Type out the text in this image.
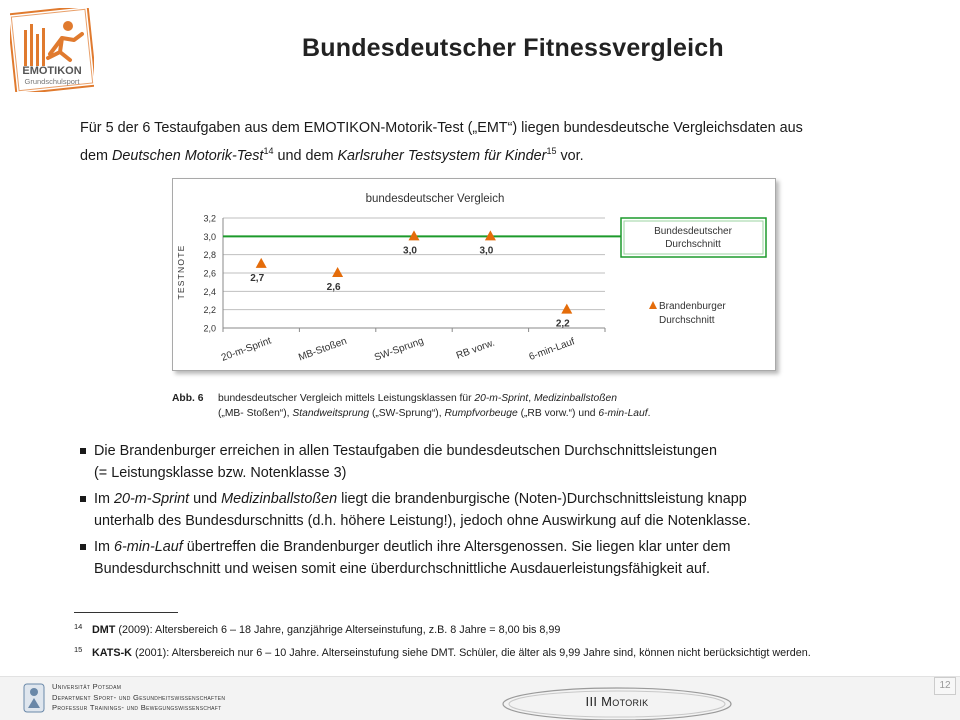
EMOTIKON
Grundschulsport
Bundesdeutscher Fitnessvergleich
Für 5 der 6 Testaufgaben aus dem EMOTIKON-Motorik-Test („EMT“) liegen bundesdeutsche Vergleichsdaten aus
dem Deutschen Motorik-Test$^{14}$ und dem Karlsruher Testsystem für Kinder$^{15}$ vor.
bundesdeutscher Vergleich
TESTNOTE
2,0
2,2
2,4
2,6
2,8
3,0
3,2
2,7
2,6
3,0	3,0
2,2
20-m-Sprint MB-Stoßen SW-Sprung	RB vorw.	6-min-Lauf
Bundesdeutscher
Durchschnitt
Brandenburger
Durchschnitt
Abb. 6 bundesdeutscher Vergleich mittels Leistungsklassen für 20-m-Sprint, Medizinballstoßen
(„MB- Stoßen“), Standweitsprung („SW-Sprung“), Rumpfvorbeuge („RB vorw.“) und 6-min-Lauf.
Die Brandenburger erreichen in allen Testaufgaben die bundesdeutschen Durchschnittsleistungen
(= Leistungsklasse bzw. Notenklasse 3)
Im 20-m-Sprint und Medizinballstoßen liegt die brandenburgische (Noten-)Durchschnittsleistung knapp
unterhalb des Bundesdurschnitts (d.h. höhere Leistung!), jedoch ohne Auswirkung auf die Notenklasse.
Im 6-min-Lauf übertreffen die Brandenburger deutlich ihre Altersgenossen. Sie liegen klar unter dem
Bundesdurchschnitt und weisen somit eine überdurchschnittliche Ausdauerleistungsfähigkeit auf.
14 DMT (2009): Altersbereich 6 – 18 Jahre, ganzjährige Alterseinstufung, z.B. 8 Jahre = 8,00 bis 8,99
15 KATS-K (2001): Altersbereich nur 6 – 10 Jahre. Alterseinstufung siehe DMT. Schüler, die älter als 9,99 Jahre sind, können nicht berücksichtigt werden.
Universität Potsdam
Department Sport- und Gesundheitswissenschaften
Professur Trainings- und Bewegungswissenschaft	III Motorik
12
